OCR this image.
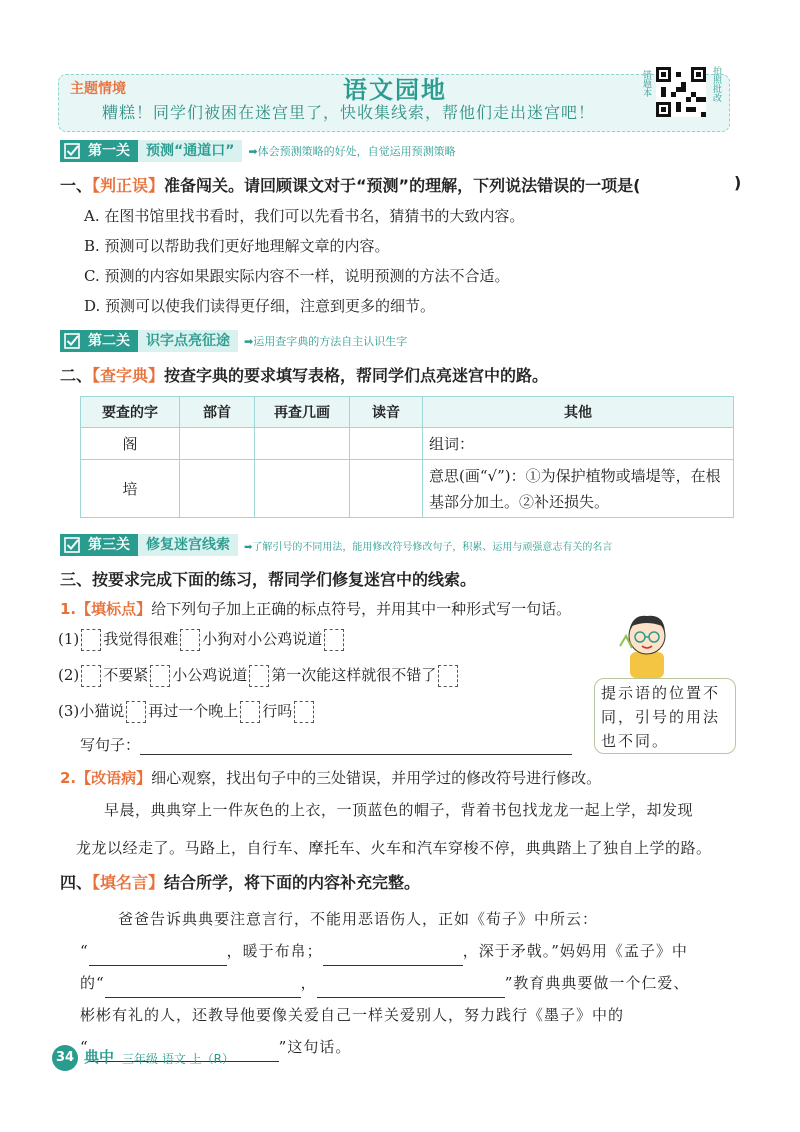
主题情境	语文园地
糟糕！同学们被困在迷宫里了，快收集线索，帮他们走出迷宫吧！
错题本	拍照批改
第一关	预测“通道口”	➡体会预测策略的好处，自觉运用预测策略
一、【判正误】准备闯关。请回顾课文对于“预测”的理解，下列说法错误的一项是(	)
A. 在图书馆里找书看时，我们可以先看书名，猜猜书的大致内容。
B. 预测可以帮助我们更好地理解文章的内容。
C. 预测的内容如果跟实际内容不一样，说明预测的方法不合适。
D. 预测可以使我们读得更仔细，注意到更多的细节。
第二关	识字点亮征途	➡运用查字典的方法自主认识生字
二、【查字典】按查字典的要求填写表格，帮同学们点亮迷宫中的路。
要查的字	部首	再查几画	读音	其他
阁				组词：
培				意思(画“√”)：①为保护植物或墙堤等，在根基部分加土。②补还损失。
第三关	修复迷宫线索	➡了解引号的不同用法，能用修改符号修改句子，积累、运用与顽强意志有关的名言
三、按要求完成下面的练习，帮同学们修复迷宫中的线索。
1.【填标点】给下列句子加上正确的标点符号，并用其中一种形式写一句话。
(1) 我觉得很难 小狗对小公鸡说道
(2) 不要紧 小公鸡说道 第一次能这样就很不错了
(3)小猫说 再过一个晚上 行吗
写句子：
提示语的位置不同，引号的用法也不同。
2.【改语病】细心观察，找出句子中的三处错误，并用学过的修改符号进行修改。
早晨，典典穿上一件灰色的上衣，一顶蓝色的帽子，背着书包找龙龙一起上学，却发现
龙龙以经走了。马路上，自行车、摩托车、火车和汽车穿梭不停，典典踏上了独自上学的路。
四、【填名言】结合所学，将下面的内容补充完整。
爸爸告诉典典要注意言行，不能用恶语伤人，正如《荀子》中所云：
“	，暖于布帛；	，深于矛戟。”妈妈用《孟子》中
的“	，	”教育典典要做一个仁爱、
彬彬有礼的人，还教导他要像关爱自己一样关爱别人，努力践行《墨子》中的
“	”这句话。
34 典中 三年级 语文 上（R）
